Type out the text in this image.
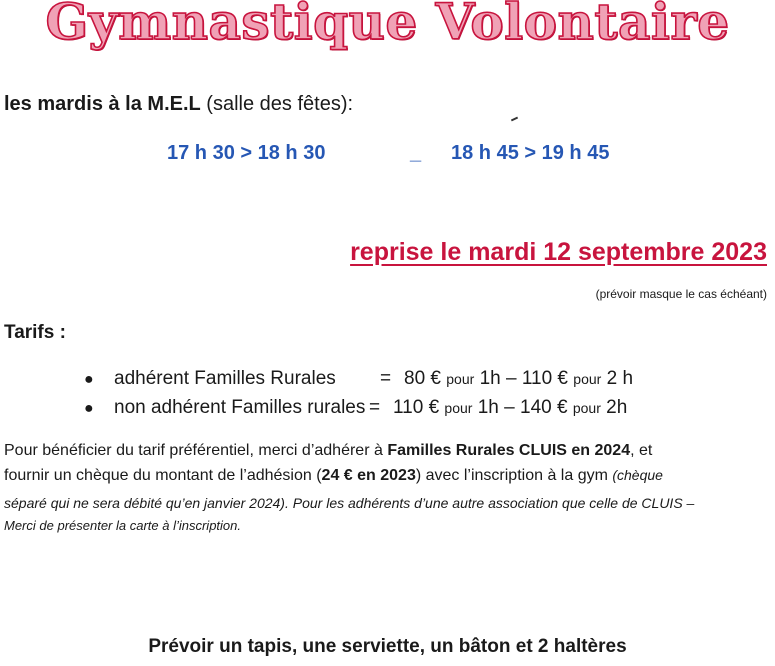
Gymnastique Volontaire
les mardis à la M.E.L (salle des fêtes):
17 h 30 > 18 h 30	_ 18 h 45 > 19 h 45
reprise le mardi 12 septembre 2023
(prévoir masque le cas échéant)
Tarifs :
● adhérent Familles Rurales = 80 € pour 1h – 110 € pour 2 h
● non adhérent Familles rurales = 110 € pour 1h – 140 € pour 2h
Pour bénéficier du tarif préférentiel, merci d’adhérer à Familles Rurales CLUIS en 2024, et
fournir un chèque du montant de l’adhésion (24 € en 2023) avec l’inscription à la gym (chèque
séparé qui ne sera débité qu’en janvier 2024). Pour les adhérents d’une autre association que celle de CLUIS –
Merci de présenter la carte à l’inscription.
Prévoir un tapis, une serviette, un bâton et 2 haltères
